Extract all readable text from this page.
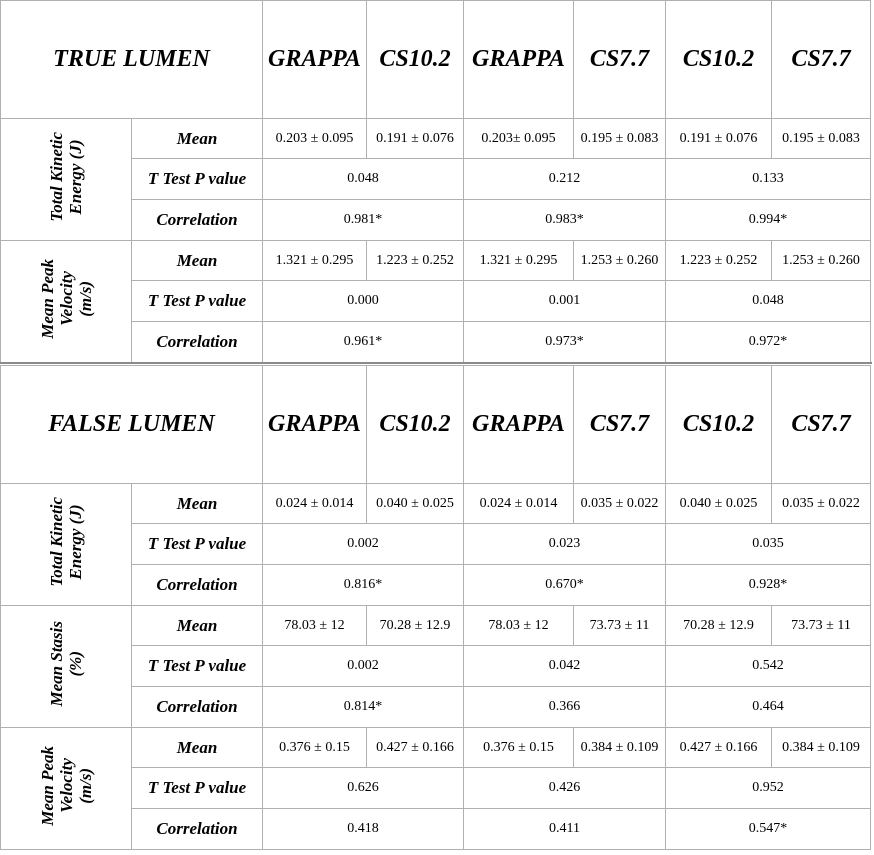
TRUE LUMEN		GRAPPA	CS10.2	GRAPPA	CS7.7	CS10.2	CS7.7
Total Kinetic
Energy (J)	Mean	0.203 ± 0.095	0.191 ± 0.076	0.203± 0.095	0.195 ± 0.083	0.191 ± 0.076	0.195 ± 0.083
	T Test P value	0.048		0.212		0.133	
	Correlation	0.981*		0.983*		0.994*	
Mean Peak
Velocity
(m/s)	Mean	1.321 ± 0.295	1.223 ± 0.252	1.321 ± 0.295	1.253 ± 0.260	1.223 ± 0.252	1.253 ± 0.260
	T Test P value	0.000		0.001		0.048	
	Correlation	0.961*		0.973*		0.972*	
FALSE LUMEN		GRAPPA	CS10.2	GRAPPA	CS7.7	CS10.2	CS7.7
Total Kinetic
Energy (J)	Mean	0.024 ± 0.014	0.040 ± 0.025	0.024 ± 0.014	0.035 ± 0.022	0.040 ± 0.025	0.035 ± 0.022
	T Test P value	0.002		0.023		0.035	
	Correlation	0.816*		0.670*		0.928*	
Mean Stasis
(%)	Mean	78.03 ± 12	70.28 ± 12.9	78.03 ± 12	73.73 ± 11	70.28 ± 12.9	73.73 ± 11
	T Test P value	0.002		0.042		0.542	
	Correlation	0.814*		0.366		0.464	
Mean Peak
Velocity
(m/s)	Mean	0.376 ± 0.15	0.427 ± 0.166	0.376 ± 0.15	0.384 ± 0.109	0.427 ± 0.166	0.384 ± 0.109
	T Test P value	0.626		0.426		0.952	
	Correlation	0.418		0.411		0.547*	
